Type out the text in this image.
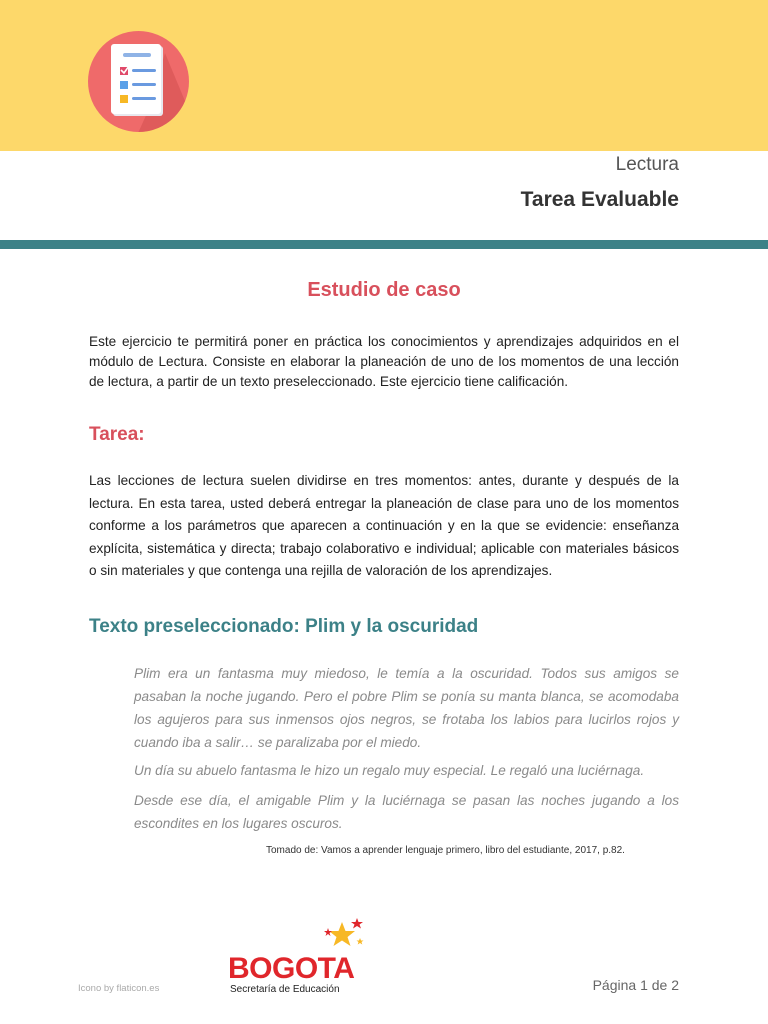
Lectura
Tarea Evaluable
Estudio de caso

Este ejercicio te permitirá poner en práctica los conocimientos y aprendizajes adquiridos en el módulo de Lectura. Consiste en elaborar la planeación de uno de los momentos de una lección de lectura, a partir de un texto preseleccionado. Este ejercicio tiene calificación.

Tarea:

Las lecciones de lectura suelen dividirse en tres momentos: antes, durante y después de la lectura. En esta tarea, usted deberá entregar la planeación de clase para uno de los momentos conforme a los parámetros que aparecen a continuación y en la que se evidencie: enseñanza explícita, sistemática y directa; trabajo colaborativo e individual; aplicable con materiales básicos o sin materiales y que contenga una rejilla de valoración de los aprendizajes.

Texto preseleccionado: Plim y la oscuridad

Plim era un fantasma muy miedoso, le temía a la oscuridad. Todos sus amigos se pasaban la noche jugando. Pero el pobre Plim se ponía su manta blanca, se acomodaba los agujeros para sus inmensos ojos negros, se frotaba los labios para lucirlos rojos y cuando iba a salir… se paralizaba por el miedo.

Un día su abuelo fantasma le hizo un regalo muy especial. Le regaló una luciérnaga.

Desde ese día, el amigable Plim y la luciérnaga se pasan las noches jugando a los escondites en los lugares oscuros.

Tomado de: Vamos a aprender lenguaje primero, libro del estudiante, 2017, p.82.

Icono by flaticon.es
BOGOTA
Secretaría de Educación	Página 1 de 2
